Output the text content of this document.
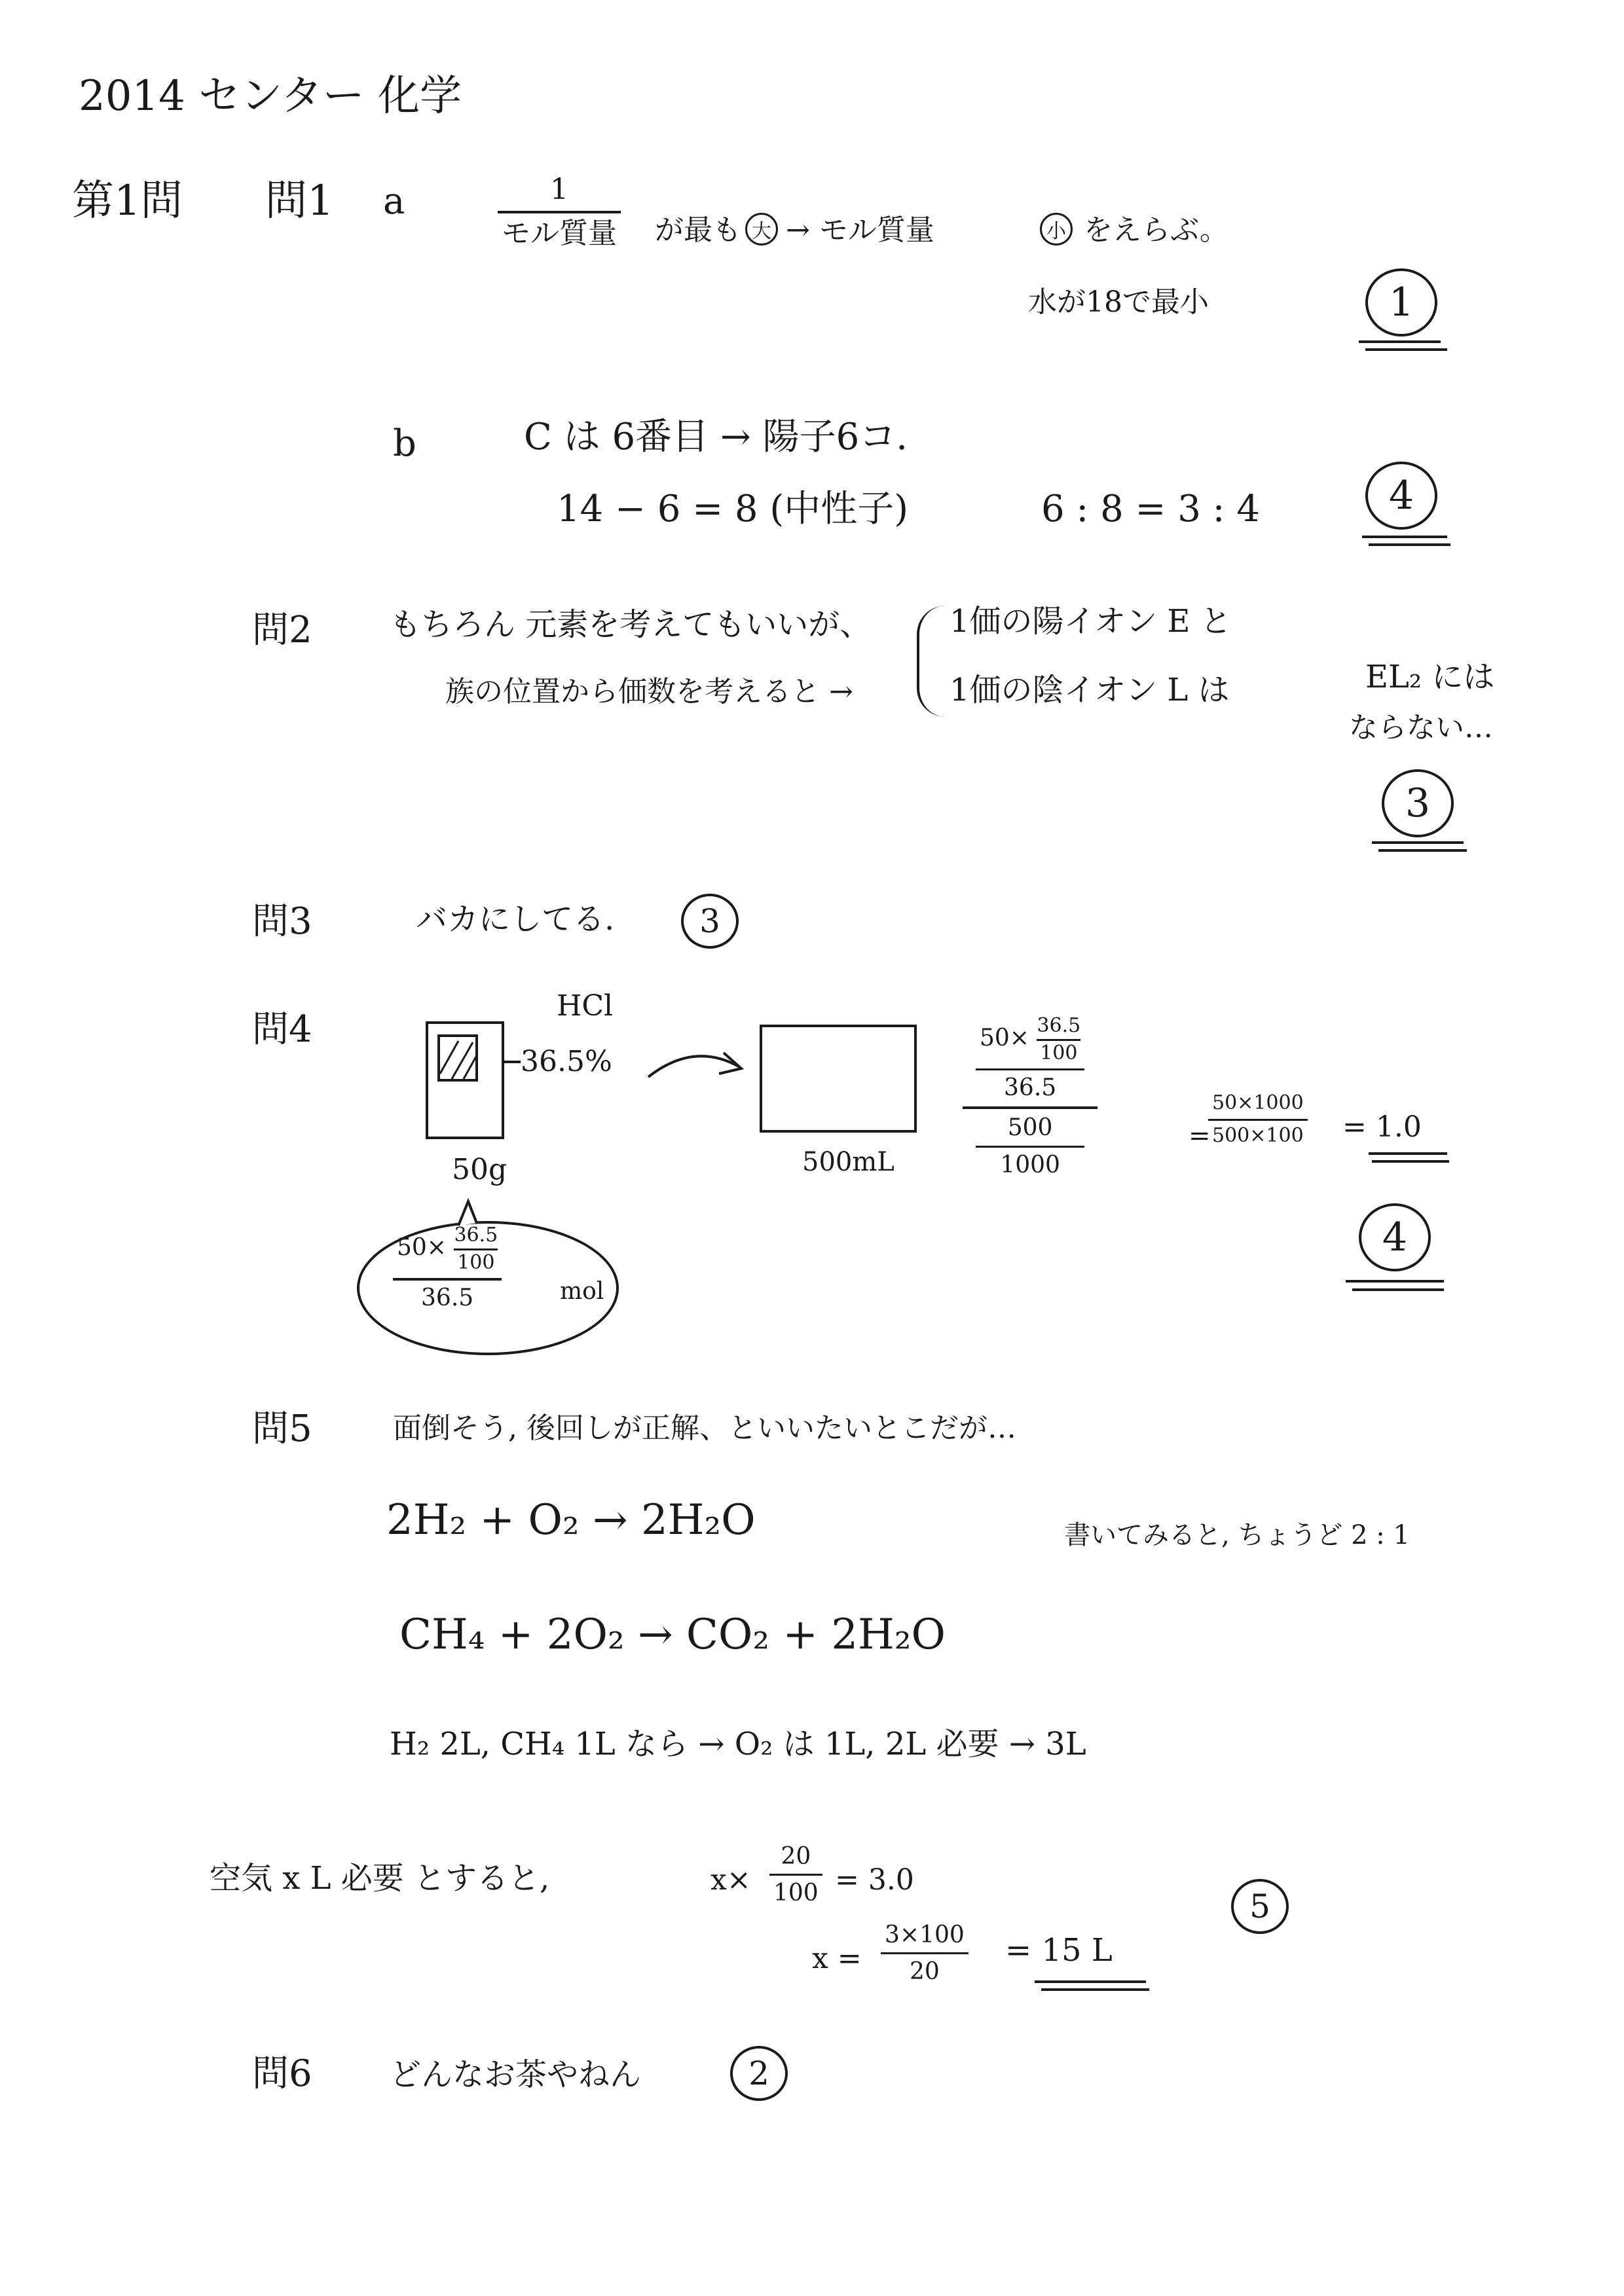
2014 センター 化学
第1問 問1 a	1
モル質量 が最も 大 → モル質量	小 をえらぶ。
水が18で最小	1
b	C は 6番目 → 陽子6コ.
14 − 6 = 8 (中性子)	6 : 8 = 3 : 4	4
問2 もちろん 元素を考えてもいいが、
族の位置から価数を考えると →
1価の陽イオン E と
1価の陰イオン L は	EL₂ には
ならない…
3
問3	バカにしてる.	3
問4
HCl
36.5%
50g	500mL
$50\times \frac{36.5}{100}$
36.5
500
1000
=
50×1000
500×100 = 1.0
4
$50\times \frac{36.5}{100}$
36.5	mol
問5	面倒そう, 後回しが正解、といいたいとこだが…
2H₂ + O₂ → 2H₂O	書いてみると, ちょうど 2 : 1
CH₄ + 2O₂ → CO₂ + 2H₂O
H₂ 2L, CH₄ 1L なら → O₂ は 1L, 2L 必要 → 3L
空気 x L 必要 とすると,	x×
20
100 = 3.0
x =
3×100
20
= 15 L
5
問6 どんなお茶やねん	2
